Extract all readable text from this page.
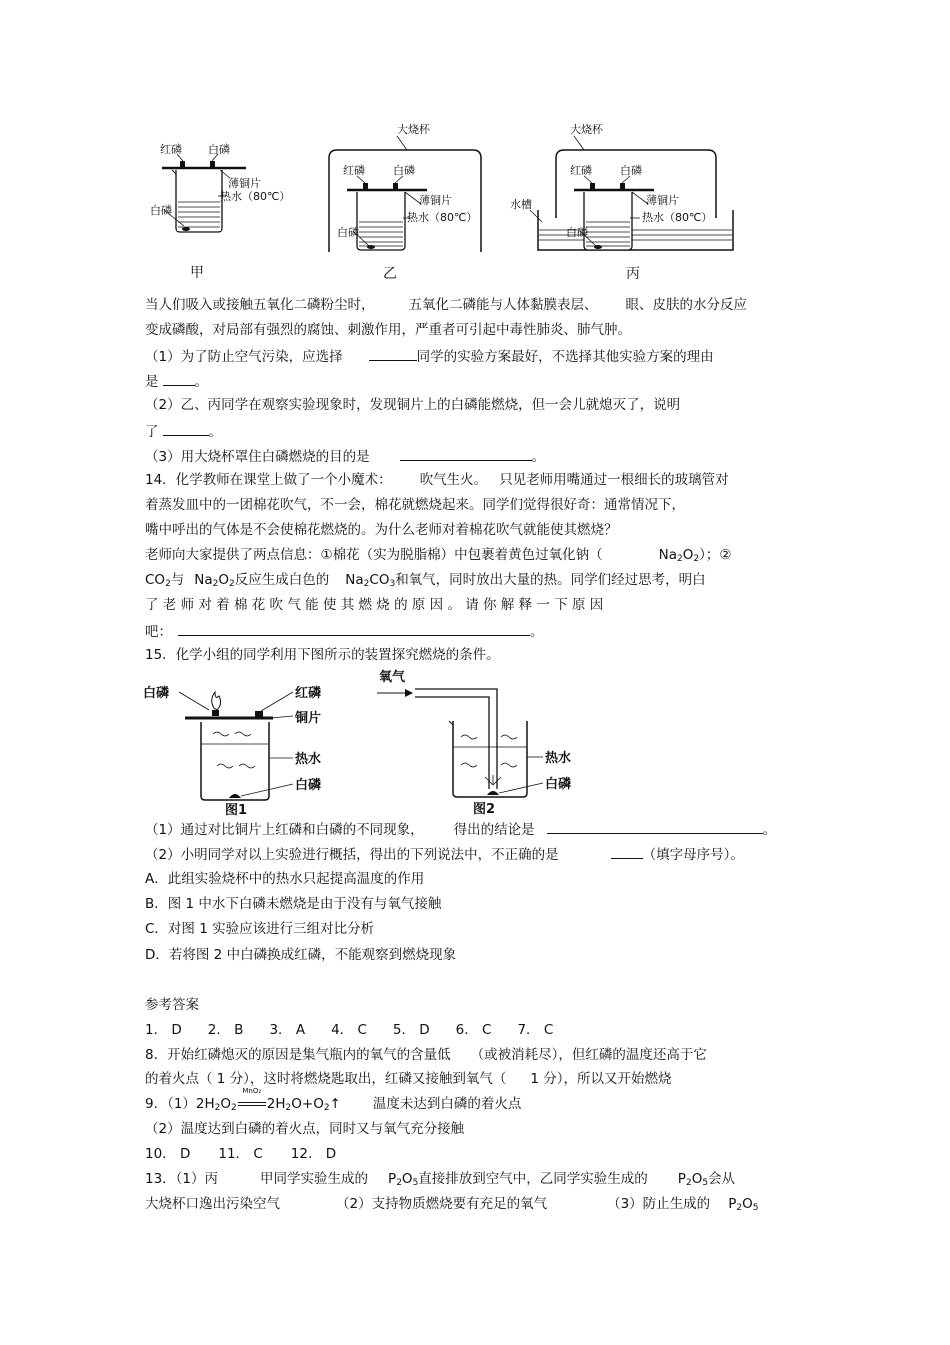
红磷 白磷
薄铜片
热水（80℃）
白磷
甲
大烧杯
红磷	白磷
薄铜片
热水（80℃）
白磷
乙
大烧杯
水槽
红磷	白磷
薄铜片
热水（80℃）
白磷
丙
当人们吸入或接触五氧化二磷粉尘时，	五氧化二磷能与人体黏膜表层、 眼、皮肤的水分反应
变成磷酸，对局部有强烈的腐蚀、刺激作用，严重者可引起中毒性肺炎、肺气肿。
（1）为了防止空气污染，应选择	同学的实验方案最好，不选择其他实验方案的理由
是	。
（2）乙、丙同学在观察实验现象时，发现铜片上的白磷能燃烧，但一会儿就熄灭了，说明
了	。
（3）用大烧杯罩住白磷燃烧的目的是	。
14．化学教师在课堂上做了一个小魔术： 吹气生火。 只见老师用嘴通过一根细长的玻璃管对
着蒸发皿中的一团棉花吹气，不一会，棉花就燃烧起来。同学们觉得很好奇：通常情况下，
嘴中呼出的气体是不会使棉花燃烧的。为什么老师对着棉花吹气就能使其燃烧？
老师向大家提供了两点信息：①棉花（实为脱脂棉）中包裹着黄色过氧化钠（	$Na_2O_2$）；②
$CO_2$与 $Na_2O_2$反应生成白色的 $Na_2CO_3$和氧气，同时放出大量的热。同学们经过思考，明白
了 老 师 对 着 棉 花 吹 气 能 使 其 燃 烧 的 原 因 。 请 你 解 释 一 下 原 因
吧：	。
15．化学小组的同学利用下图所示的装置探究燃烧的条件。
白磷	红磷
铜片
热水
白磷
图1
氧气
热水
白磷
图2
（1）通过对比铜片上红磷和白磷的不同现象， 得出的结论是	。
（2）小明同学对以上实验进行概括，得出的下列说法中，不正确的是	（填字母序号）。
A．此组实验烧杯中的热水只起提高温度的作用
B．图 1 中水下白磷未燃烧是由于没有与氧气接触
C．对图 1 实验应该进行三组对比分析
D．若将图 2 中白磷换成红磷，不能观察到燃烧现象
参考答案
1． D 2． B 3． A 4． C 5． D 6． C 7． C
8．开始红磷熄灭的原因是集气瓶内的氧气的含量低 （或被消耗尽），但红磷的温度还高于它
的着火点（ 1 分），这时将燃烧匙取出，红磷又接触到氧气（ 1 分），所以又开始燃烧
9．$(1)2H_2O_2$
MnO₂
$2H_2O+O_2↑$ 温度未达到白磷的着火点
（2）温度达到白磷的着火点，同时又与氧气充分接触
10． D 11． C 12． D
13．（1）丙	甲同学实验生成的 $P_2O_5$直接排放到空气中，乙同学实验生成的 $P_2O_5$会从
大烧杯口逸出污染空气	（2）支持物质燃烧要有充足的氧气	（3）防止生成的 $P_2O_5$
